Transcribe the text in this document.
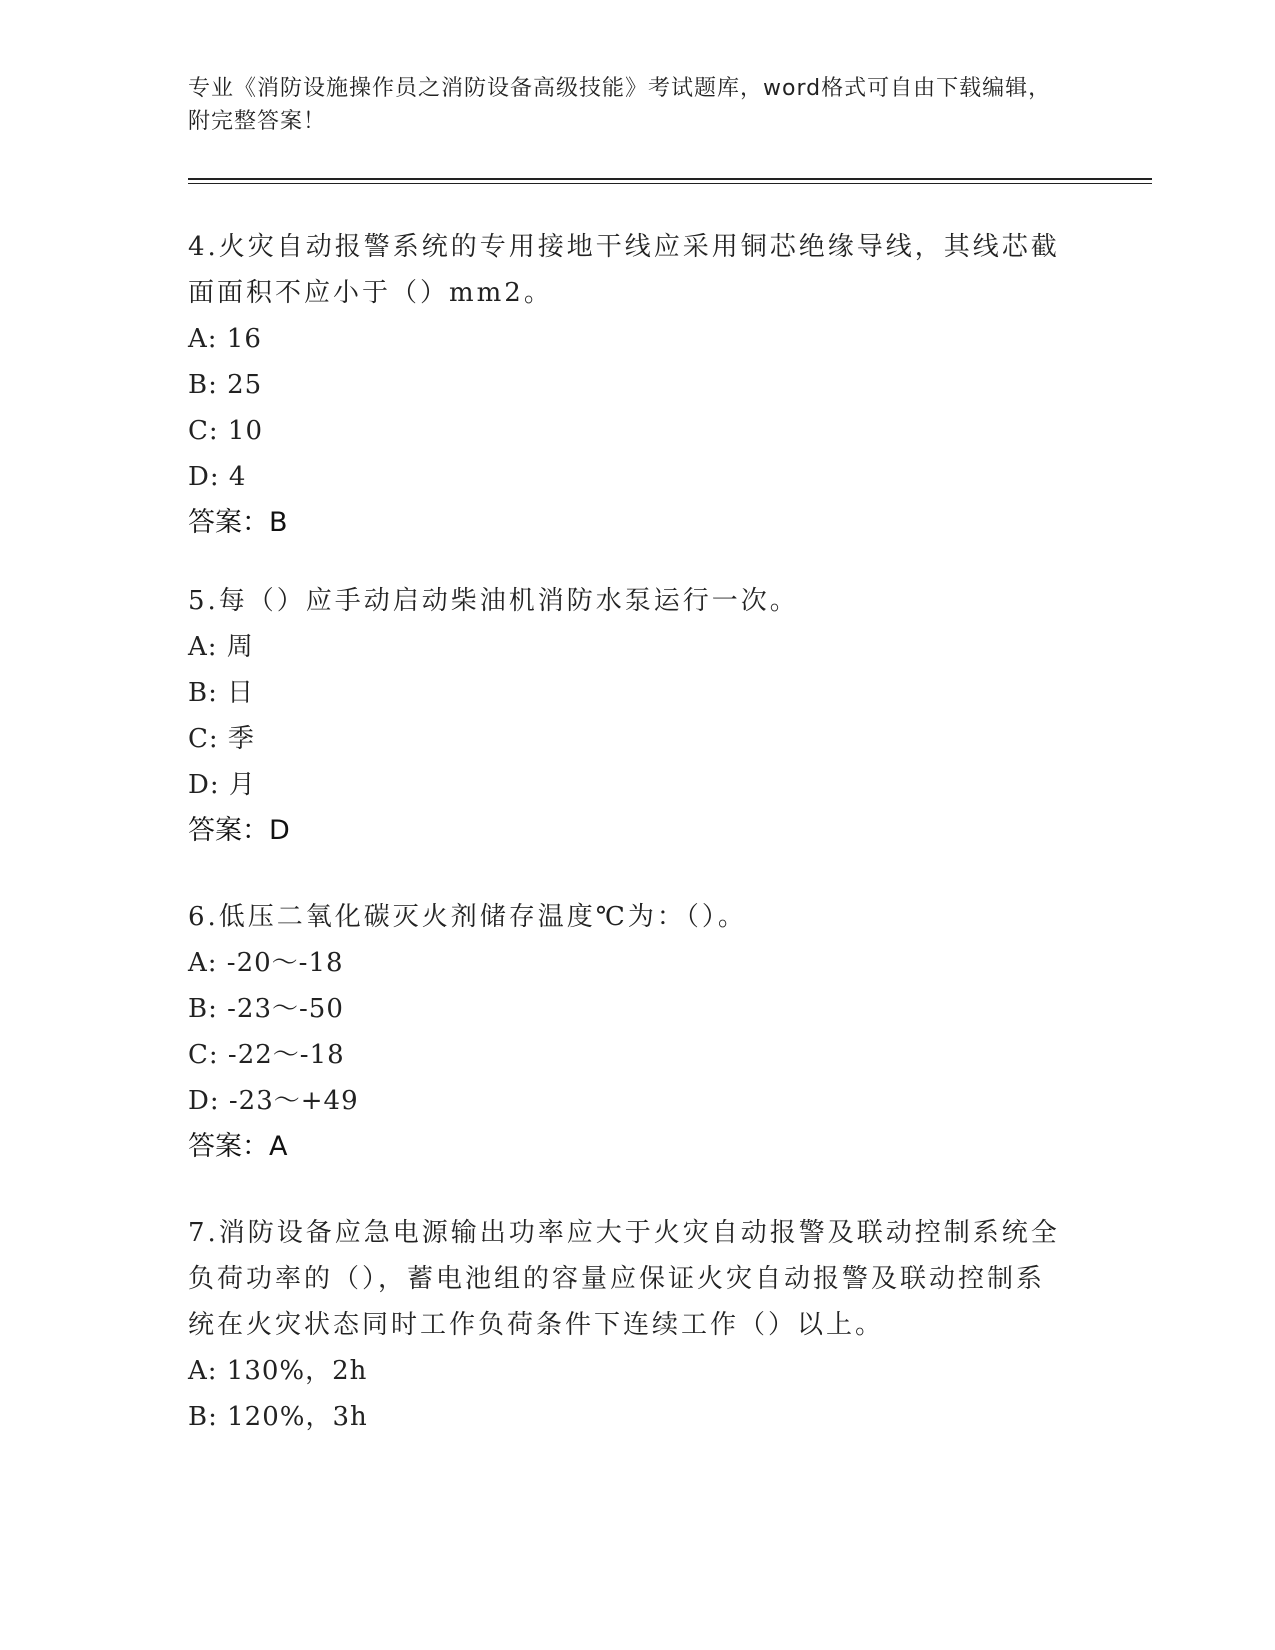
专业《消防设施操作员之消防设备高级技能》考试题库，word格式可自由下载编辑，附完整答案！

4.火灾自动报警系统的专用接地干线应采用铜芯绝缘导线，其线芯截面面积不应小于（）mm2。

A: 16

B: 25

C: 10

D: 4

答案：B

5.每（）应手动启动柴油机消防水泵运行一次。

A: 周

B: 日

C: 季

D: 月

答案：D

6.低压二氧化碳灭火剂储存温度℃为：（）。

A: -20～-18

B: -23～-50

C: -22～-18

D: -23～+49

答案：A

7.消防设备应急电源输出功率应大于火灾自动报警及联动控制系统全负荷功率的（），蓄电池组的容量应保证火灾自动报警及联动控制系统在火灾状态同时工作负荷条件下连续工作（）以上。

A: 130%，2h

B: 120%，3h
